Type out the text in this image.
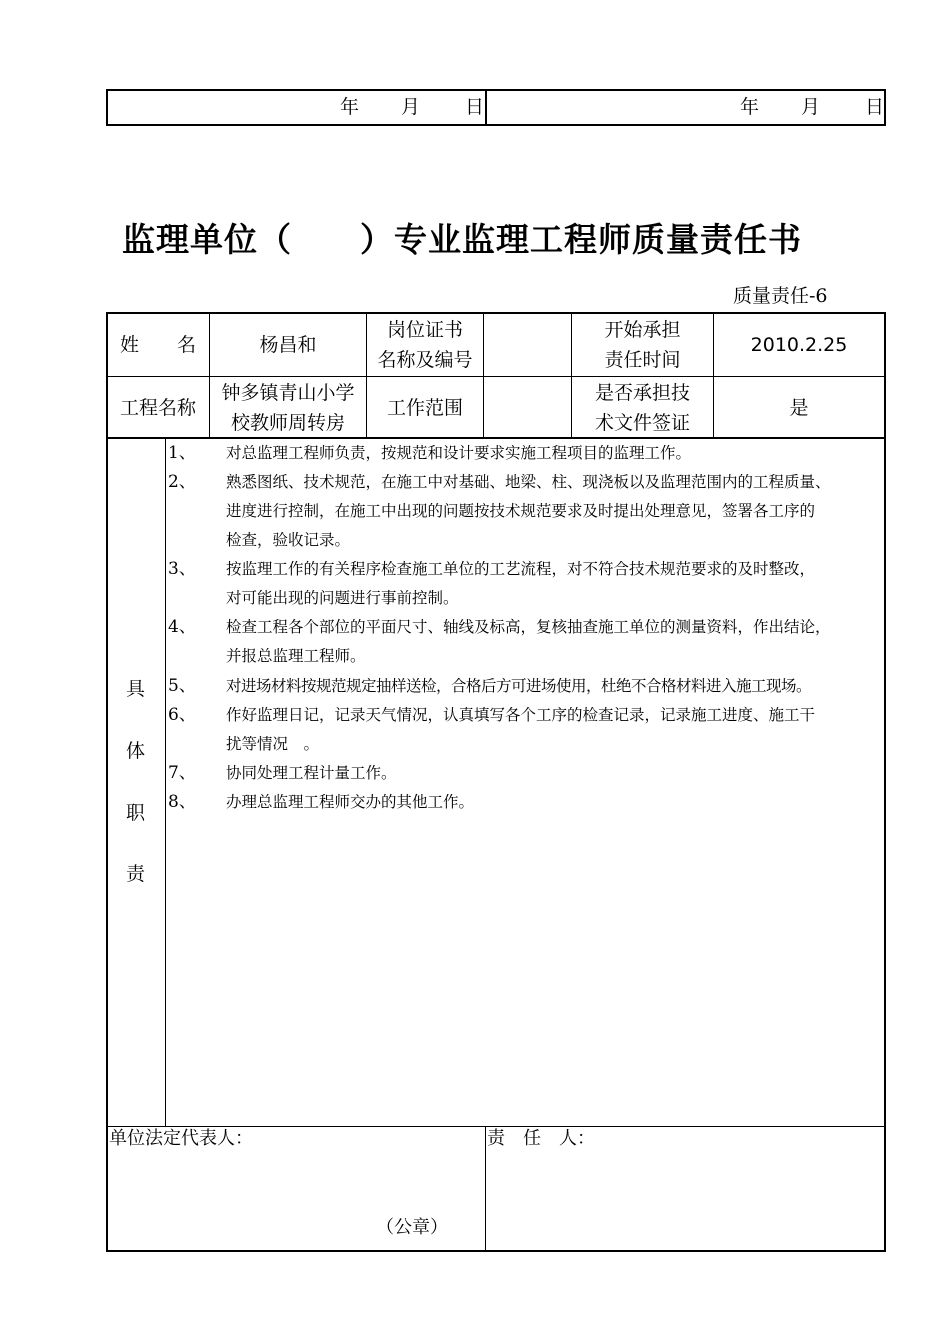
年 月 日	年 月 日
监理单位（　　）专业监理工程师质量责任书
质量责任-6
姓　　名	杨昌和
岗位证书
名称及编号
开始承担
责任时间
2010.2.25
工程名称
钟多镇青山小学
校教师周转房
工作范围
是否承担技
术文件签证
是
具
体
职
责
1、 对总监理工程师负责，按规范和设计要求实施工程项目的监理工作。
2、 熟悉图纸、技术规范，在施工中对基础、地梁、柱、现浇板以及监理范围内的工程质量、
进度进行控制，在施工中出现的问题按技术规范要求及时提出处理意见，签署各工序的
检查，验收记录。
3、 按监理工作的有关程序检查施工单位的工艺流程，对不符合技术规范要求的及时整改，
对可能出现的问题进行事前控制。
4、 检查工程各个部位的平面尺寸、轴线及标高，复核抽查施工单位的测量资料，作出结论，
并报总监理工程师。
5、 对进场材料按规范规定抽样送检，合格后方可进场使用，杜绝不合格材料进入施工现场。
6、 作好监理日记，记录天气情况，认真填写各个工序的检查记录，记录施工进度、施工干
扰等情况　。
7、 协同处理工程计量工作。
8、 办理总监理工程师交办的其他工作。
单位法定代表人：
（公章）
责　任　人：
